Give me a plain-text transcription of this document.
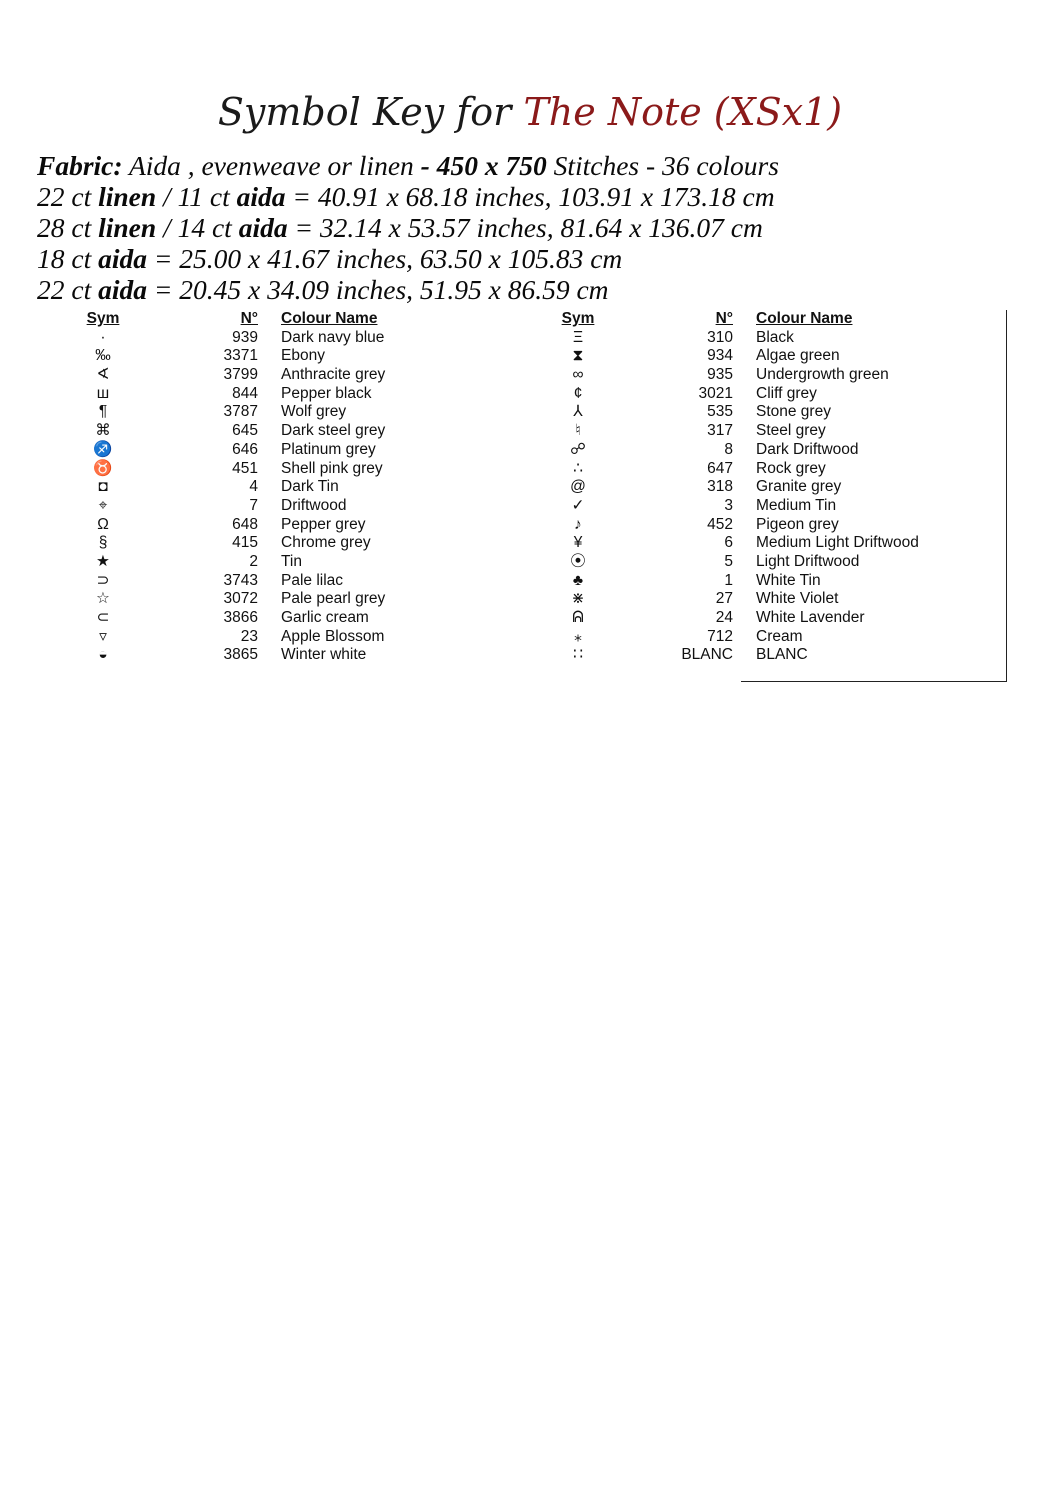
Symbol Key for The Note (XSx1)
Fabric: Aida , evenweave or linen - 450 x 750 Stitches - 36 colours
22 ct linen / 11 ct aida = 40.91 x 68.18 inches, 103.91 x 173.18 cm
28 ct linen / 14 ct aida = 32.14 x 53.57 inches, 81.64 x 136.07 cm
18 ct aida = 25.00 x 41.67 inches, 63.50 x 105.83 cm
22 ct aida = 20.45 x 34.09 inches, 51.95 x 86.59 cm
Sym	N° Colour Name
·	939 Dark navy blue
‰	3371 Ebony
∢	3799 Anthracite grey
ш	844 Pepper black
¶	3787 Wolf grey
⌘	645 Dark steel grey
♐	646 Platinum grey
♉	451 Shell pink grey
◘	4 Dark Tin
⌖	7 Driftwood
Ω	648 Pepper grey
§	415 Chrome grey
★	2 Tin
⊃	3743 Pale lilac
☆	3072 Pale pearl grey
⊂	3866 Garlic cream
▿	23 Apple Blossom
◒	3865 Winter white
Sym	N° Colour Name
Ξ	310 Black
⧗	934 Algae green
∞	935 Undergrowth green
¢	3021 Cliff grey
⅄	535 Stone grey
♮	317 Steel grey
☍	8 Dark Driftwood
∴	647 Rock grey
@	318 Granite grey
✓	3 Medium Tin
♪	452 Pigeon grey
¥	6 Medium Light Driftwood
⦿	5 Light Driftwood
♣	1 White Tin
⋇	27 White Violet
ᕱ	24 White Lavender
⁎	712 Cream
∷	BLANC BLANC
